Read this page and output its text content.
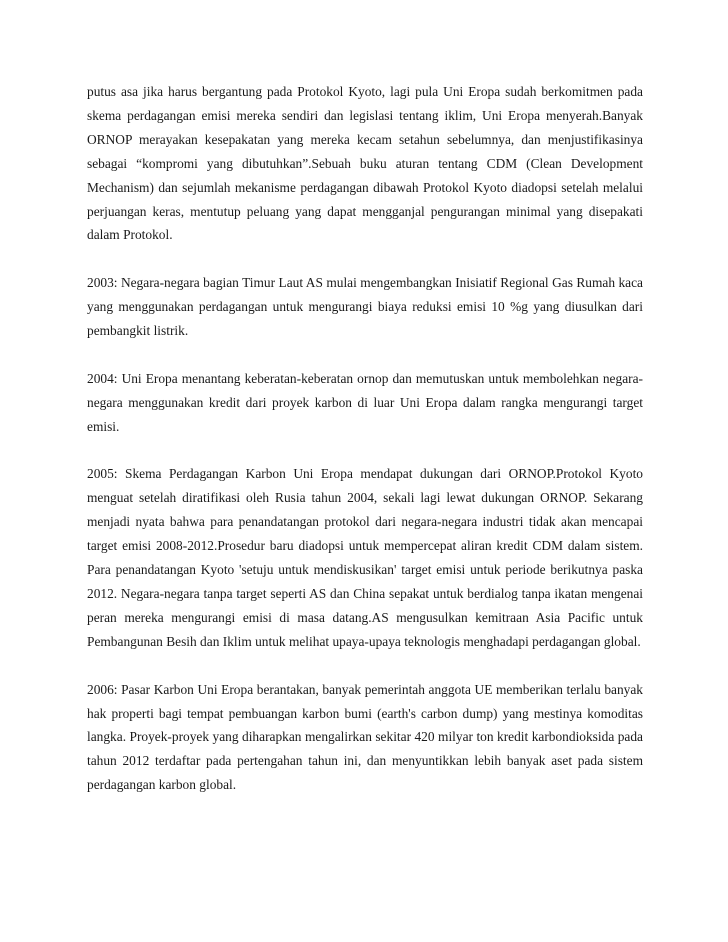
putus asa jika harus bergantung pada Protokol Kyoto, lagi pula Uni Eropa sudah berkomitmen pada skema perdagangan emisi mereka sendiri dan legislasi tentang iklim, Uni Eropa menyerah.Banyak ORNOP merayakan kesepakatan yang mereka kecam setahun sebelumnya, dan menjustifikasinya sebagai “kompromi yang dibutuhkan”.Sebuah buku aturan tentang CDM (Clean Development Mechanism) dan sejumlah mekanisme perdagangan dibawah Protokol Kyoto diadopsi setelah melalui perjuangan keras, mentutup peluang yang dapat mengganjal pengurangan minimal yang disepakati dalam Protokol.

2003: Negara-negara bagian Timur Laut AS mulai mengembangkan Inisiatif Regional Gas Rumah kaca yang menggunakan perdagangan untuk mengurangi biaya reduksi emisi 10 %g yang diusulkan dari pembangkit listrik.

2004: Uni Eropa menantang keberatan-keberatan ornop dan memutuskan untuk membolehkan negara-negara menggunakan kredit dari proyek karbon di luar Uni Eropa dalam rangka mengurangi target emisi.

2005: Skema Perdagangan Karbon Uni Eropa mendapat dukungan dari ORNOP.Protokol Kyoto menguat setelah diratifikasi oleh Rusia tahun 2004, sekali lagi lewat dukungan ORNOP. Sekarang menjadi nyata bahwa para penandatangan protokol dari negara-negara industri tidak akan mencapai target emisi 2008-2012.Prosedur baru diadopsi untuk mempercepat aliran kredit CDM dalam sistem. Para penandatangan Kyoto 'setuju untuk mendiskusikan' target emisi untuk periode berikutnya paska 2012. Negara-negara tanpa target seperti AS dan China sepakat untuk berdialog tanpa ikatan mengenai peran mereka mengurangi emisi di masa datang.AS mengusulkan kemitraan Asia Pacific untuk Pembangunan Besih dan Iklim untuk melihat upaya-upaya teknologis menghadapi perdagangan global.

2006: Pasar Karbon Uni Eropa berantakan, banyak pemerintah anggota UE memberikan terlalu banyak hak properti bagi tempat pembuangan karbon bumi (earth's carbon dump) yang mestinya komoditas langka. Proyek-proyek yang diharapkan mengalirkan sekitar 420 milyar ton kredit karbondioksida pada tahun 2012 terdaftar pada pertengahan tahun ini, dan menyuntikkan lebih banyak aset pada sistem perdagangan karbon global.
